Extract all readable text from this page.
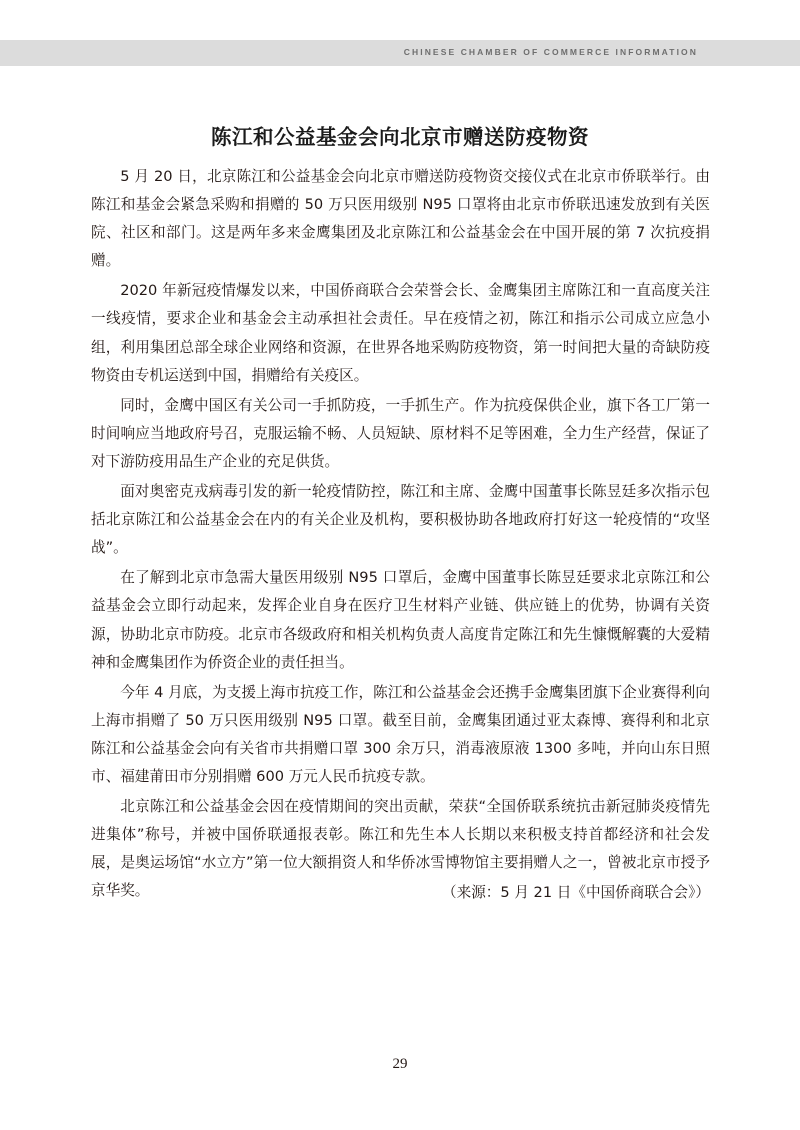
CHINESE CHAMBER OF COMMERCE INFORMATION
陈江和公益基金会向北京市赠送防疫物资

5 月 20 日，北京陈江和公益基金会向北京市赠送防疫物资交接仪式在北京市侨联举行。由陈江和基金会紧急采购和捐赠的 50 万只医用级别 N95 口罩将由北京市侨联迅速发放到有关医院、社区和部门。这是两年多来金鹰集团及北京陈江和公益基金会在中国开展的第 7 次抗疫捐赠。

2020 年新冠疫情爆发以来，中国侨商联合会荣誉会长、金鹰集团主席陈江和一直高度关注一线疫情，要求企业和基金会主动承担社会责任。早在疫情之初，陈江和指示公司成立应急小组，利用集团总部全球企业网络和资源，在世界各地采购防疫物资，第一时间把大量的奇缺防疫物资由专机运送到中国，捐赠给有关疫区。

同时，金鹰中国区有关公司一手抓防疫，一手抓生产。作为抗疫保供企业，旗下各工厂第一时间响应当地政府号召，克服运输不畅、人员短缺、原材料不足等困难，全力生产经营，保证了对下游防疫用品生产企业的充足供货。

面对奥密克戎病毒引发的新一轮疫情防控，陈江和主席、金鹰中国董事长陈昱廷多次指示包括北京陈江和公益基金会在内的有关企业及机构，要积极协助各地政府打好这一轮疫情的“攻坚战”。

在了解到北京市急需大量医用级别 N95 口罩后，金鹰中国董事长陈昱廷要求北京陈江和公益基金会立即行动起来，发挥企业自身在医疗卫生材料产业链、供应链上的优势，协调有关资源，协助北京市防疫。北京市各级政府和相关机构负责人高度肯定陈江和先生慷慨解囊的大爱精神和金鹰集团作为侨资企业的责任担当。

今年 4 月底，为支援上海市抗疫工作，陈江和公益基金会还携手金鹰集团旗下企业赛得利向上海市捐赠了 50 万只医用级别 N95 口罩。截至目前，金鹰集团通过亚太森博、赛得利和北京陈江和公益基金会向有关省市共捐赠口罩 300 余万只，消毒液原液 1300 多吨，并向山东日照市、福建莆田市分别捐赠 600 万元人民币抗疫专款。

北京陈江和公益基金会因在疫情期间的突出贡献，荣获“全国侨联系统抗击新冠肺炎疫情先进集体”称号，并被中国侨联通报表彰。陈江和先生本人长期以来积极支持首都经济和社会发展，是奥运场馆“水立方”第一位大额捐资人和华侨冰雪博物馆主要捐赠人之一，曾被北京市授予京华奖。	（来源：5 月 21 日《中国侨商联合会》）

29
